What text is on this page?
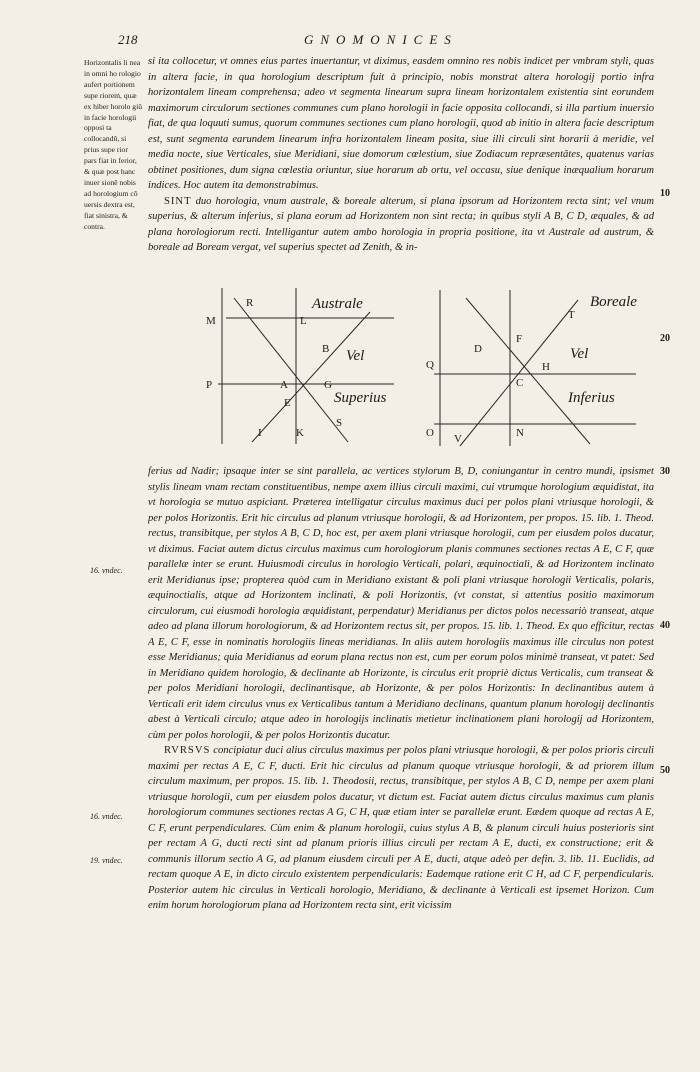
218	GNOMONICES

Horizontalis li nea in omni ho rologio aufert portionem supe riorem, quæ ex hiber horolo giû in facie horologii opposi ta collocandû, si prius supe rior pars fiat in ferior, & quæ post hanc inuer sionê nobis ad horologium cô uersis dextra est, fiat sinistra, & contra.

si ita collocetur, vt omnes eius partes inuertantur, vt diximus, easdem omnino res nobis indicet per vmbram styli, quas in altera facie, in qua horologium descriptum fuit à principio, nobis monstrat altera horologij portio infra horizontalem lineam comprehensa; adeo vt segmenta linearum supra lineam horizontalem existentia sint eorundem maximorum circulorum sectiones communes cum plano horologii in facie opposita collocandi, si illa partium inuersio fiat, de qua loquuti sumus, quorum communes sectiones cum plano horologii, quod ab initio in altera facie descriptum est, sunt segmenta earundem linearum infra horizontalem lineam posita, siue illi circuli sint horarii à meridie, vel media nocte, siue Verticales, siue Meridiani, siue domorum cœlestium, siue Zodiacum repræsentâtes, quatenus varias obtinet positiones, dum signa cœlestia oriuntur, siue horarum ab ortu, vel occasu, siue denique inæqualium horarum indices. Hoc autem ita demonstrabimus.

SINT duo horologia, vnum australe, & boreale alterum, si plana ipsorum ad Horizontem recta sint; vel vnum superius, & alterum inferius, si plana eorum ad Horizontem non sint recta; in quibus styli A B, C D, æquales, & ad plana horologiorum recti. Intelligantur autem ambo horologia in propria positione, ita vt Australe ad austrum, & boreale ad Boream vergat, vel superius spectet ad Zenith, & in-

10
20
30
40
50
R
M	L
B
P	A	G
E
S
I	K
Australe
Vel
Superius
T
D
F
Q	H
C
O V	N
Boreale
Vel
Inferius
16. vndec.
16. vndec.
19. vndec.

ferius ad Nadir; ipsaque inter se sint parallela, ac vertices stylorum B, D, coniungantur in centro mundi, ipsismet stylis lineam vnam rectam constituentibus, nempe axem illius circuli maximi, cui vtrumque horologium æquidistat, ita vt horologia se mutuo aspiciant. Præterea intelligatur circulus maximus duci per polos plani vtriusque horologii, & per polos Horizontis. Erit hic circulus ad planum vtriusque horologii, & ad Horizontem, per propos. 15. lib. 1. Theod. rectus, transibitque, per stylos A B, C D, hoc est, per axem plani vtriusque horologii, cum per eiusdem polos ducatur, vt diximus. Faciat autem dictus circulus maximus cum horologiorum planis communes sectiones rectas A E, C F, quæ parallelæ inter se erunt. Huiusmodi circulus in horologio Verticali, polari, æquinoctiali, & ad Horizontem inclinato erit Meridianus ipse; propterea quòd cum in Meridiano existant & poli plani vtriusque horologii Verticalis, polaris, æquinoctialis, atque ad Horizontem inclinati, & poli Horizontis, (vt constat, si attentius positio maximorum circulorum, cui eiusmodi horologia æquidistant, perpendatur) Meridianus per dictos polos necessariò transeat, atque adeo ad plana illorum horologiorum, & ad Horizontem rectus sit, per propos. 15. lib. 1. Theod. Ex quo efficitur, rectas A E, C F, esse in nominatis horologiis lineas meridianas. In aliis autem horologiis maximus ille circulus non potest esse Meridianus; quia Meridianus ad eorum plana rectus non est, cum per eorum polos minimè transeat, vt patet: Sed in Meridiano quidem horologio, & declinante ab Horizonte, is circulus erit propriè dictus Verticalis, cum transeat & per polos Meridiani horologii, declinantisque, ab Horizonte, & per polos Horizontis: In declinantibus autem à Verticali erit idem circulus vnus ex Verticalibus tantum à Meridiano declinans, quantum planum horologij declinantis abest à Verticali circulo; atque adeo in horologijs inclinatis metietur inclinationem plani horologij ad Horizontem, cùm per polos horologii, & per polos Horizontis ducatur.

RVRSVS concipiatur duci alius circulus maximus per polos plani vtriusque horologii, & per polos prioris circuli maximi per rectas A E, C F, ducti. Erit hic circulus ad planum quoque vtriusque horologii, & ad priorem illum circulum maximum, per propos. 15. lib. 1. Theodosii, rectus, transibitque, per stylos A B, C D, nempe per axem plani vtriusque horologii, cum per eiusdem polos ducatur, vt dictum est. Faciat autem dictus circulus maximus cum planis horologiorum communes sectiones rectas A G, C H, quæ etiam inter se parallelæ erunt. Eædem quoque ad rectas A E, C F, erunt perpendiculares. Cùm enim & planum horologii, cuius stylus A B, & planum circuli huius posterioris sint per rectam A G, ducti recti sint ad planum prioris illius circuli per rectam A E, ducti, ex constructione; erit & communis illorum sectio A G, ad planum eiusdem circuli per A E, ducti, atque adeò per defin. 3. lib. 11. Euclidis, ad rectam quoque A E, in dicto circulo existentem perpendicularis: Eademque ratione erit C H, ad C F, perpendicularis. Posterior autem hic circulus in Verticali horologio, Meridiano, & declinante à Verticali est ipsemet Horizon. Cum enim horum horologiorum plana ad Horizontem recta sint, erit vicissim
